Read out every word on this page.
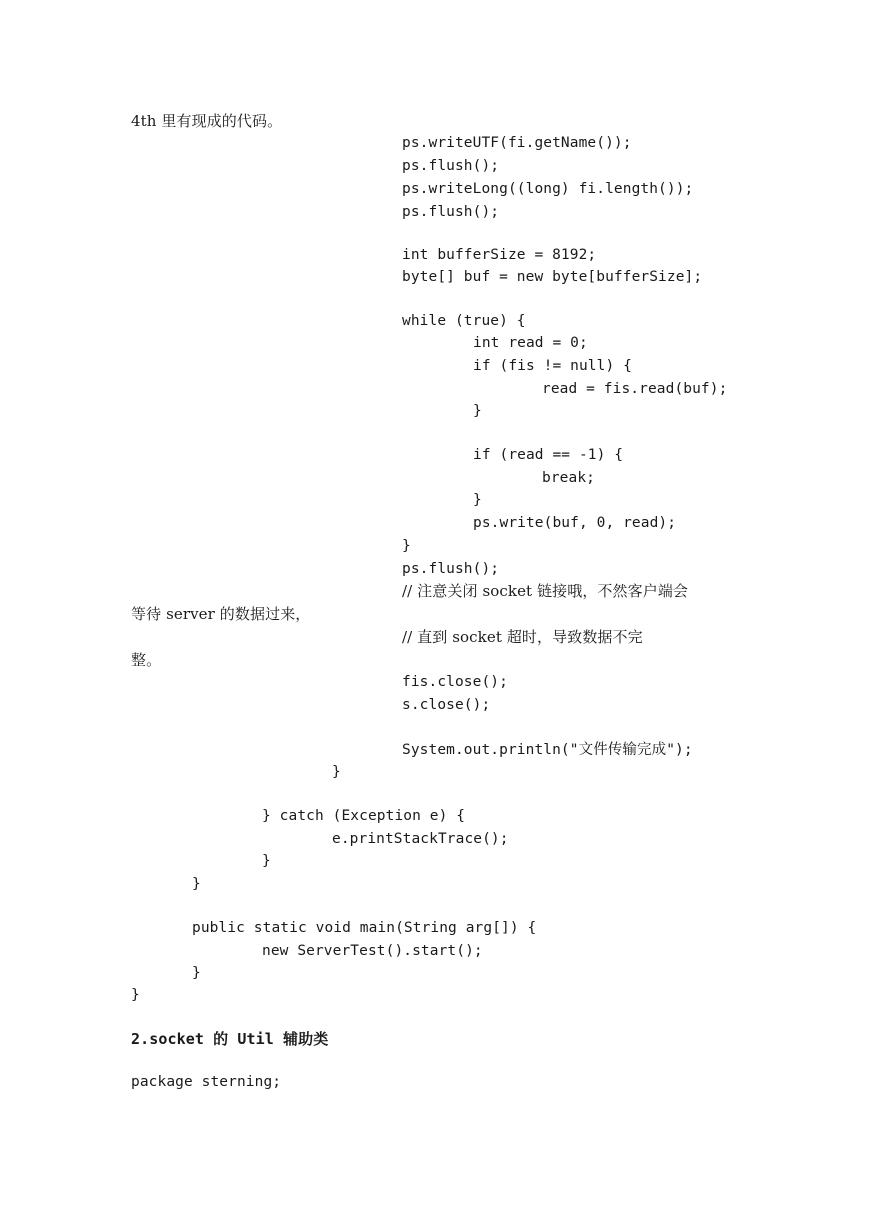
4th 里有现成的代码。
ps.writeUTF(fi.getName());
ps.flush();
ps.writeLong((long) fi.length());
ps.flush();
int bufferSize = 8192;
byte[] buf = new byte[bufferSize];
while (true) {
int read = 0;
if (fis != null) {
read = fis.read(buf);
}
if (read == -1) {
break;
}
ps.write(buf, 0, read);
}
ps.flush();
// 注意关闭 socket 链接哦，不然客户端会
等待 server 的数据过来，
// 直到 socket 超时，导致数据不完
整。
fis.close();
s.close();
System.out.println("文件传输完成");
}
} catch (Exception e) {
e.printStackTrace();
}
}
public static void main(String arg[]) {
new ServerTest().start();
}
}
2.socket 的 Util 辅助类
package sterning;
